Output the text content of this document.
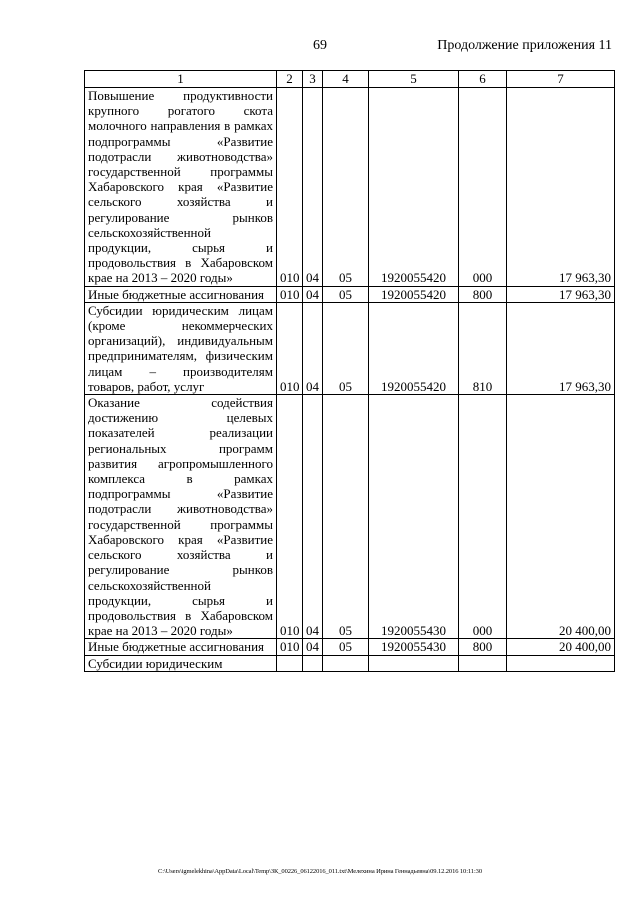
69	Продолжение приложения 11
1	2	3	4	5	6	7
Повышение продуктивности крупного рогатого скота молочного направления в рамках подпрограммы «Развитие подотрасли животноводства» государственной программы Хабаровского края «Развитие сельского хозяйства и регулирование рынков сельскохозяйственной продукции, сырья и продовольствия в Хабаровском крае на 2013 – 2020 годы»	010	04	05	1920055420	000	17 963,30
Иные бюджетные ассигнования	010	04	05	1920055420	800	17 963,30
Субсидии юридическим лицам (кроме некоммерческих организаций), индивидуальным предпринимателям, физическим лицам – производителям товаров, работ, услуг	010	04	05	1920055420	810	17 963,30
Оказание содействия достижению целевых показателей реализации региональных программ развития агропромышленного комплекса в рамках подпрограммы «Развитие подотрасли животноводства» государственной программы Хабаровского края «Развитие сельского хозяйства и регулирование рынков сельскохозяйственной продукции, сырья и продовольствия в Хабаровском крае на 2013 – 2020 годы»	010	04	05	1920055430	000	20 400,00
Иные бюджетные ассигнования	010	04	05	1920055430	800	20 400,00
Субсидии юридическим						
C:\Users\igmelekhina\AppData\Local\Temp\ЗК_00226_06122016_011.txt\Мелехина Ирина Геннадьевна\09.12.2016 10:11:30
